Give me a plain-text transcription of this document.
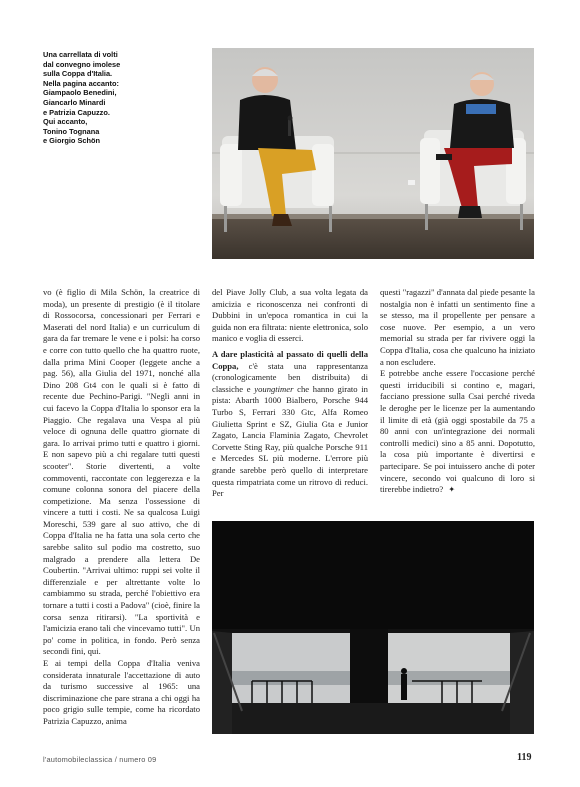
Una carrellata di volti
dal convegno imolese
sulla Coppa d'Italia.
Nella pagina accanto:
Giampaolo Benedini,
Giancarlo Minardi
e Patrizia Capuzzo.
Qui accanto,
Tonino Tognana
e Giorgio Schön

vo (è figlio di Mila Schön, la creatrice di moda), un presente di prestigio (è il titolare di Rossocorsa, concessionari per Ferrari e Maserati del nord Italia) e un curriculum di gara da far tremare le vene e i polsi: ha corso e corre con tutto quello che ha quattro ruote, dalla prima Mini Cooper (leggete anche a pag. 56), alla Giulia del 1971, nonché alla Dino 208 Gt4 con le quali si è fatto di recente due Pechino-Parigi. "Negli anni in cui facevo la Coppa d'Italia lo sponsor era la Piaggio. Che regalava una Vespa al più veloce di ognuna delle quattro giornate di gara. Io arrivai primo tutti e quattro i giorni. E non sapevo più a chi regalare tutti questi scooter". Storie divertenti, a volte commoventi, raccontate con leggerezza e la comune colonna sonora del piacere della competizione. Ma senza l'ossessione di vincere a tutti i costi. Ne sa qualcosa Luigi Moreschi, 539 gare al suo attivo, che di Coppa d'Italia ne ha fatta una sola certo che sarebbe salito sul podio ma costretto, suo malgrado a prendere alla lettera De Coubertin. "Arrivai ultimo: ruppi sei volte il differenziale e per altrettante volte lo cambiammo su strada, perché l'obiettivo era tornare a tutti i costi a Padova" (cioè, finire la corsa senza ritirarsi). "La sportività e l'amicizia erano tali che vincevamo tutti". Un po' come in politica, in fondo. Però senza secondi fini, qui.

E ai tempi della Coppa d'Italia veniva considerata innaturale l'accettazione di auto da turismo successive al 1965: una discriminazione che pare strana a chi oggi ha poco grigio sulle tempie, come ha ricordato Patrizia Capuzzo, anima

del Piave Jolly Club, a sua volta legata da amicizia e riconoscenza nei confronti di Dubbini in un'epoca romantica in cui la guida non era filtrata: niente elettronica, solo manico e voglia di esserci.

A dare plasticità al passato di quelli della Coppa, c'è stata una rappresentanza (cronologicamente ben distribuita) di classiche e youngtimer che hanno girato in pista: Abarth 1000 Bialbero, Porsche 944 Turbo S, Ferrari 330 Gtc, Alfa Romeo Giulietta Sprint e SZ, Giulia Gta e Junior Zagato, Lancia Flaminia Zagato, Chevrolet Corvette Sting Ray, più qualche Porsche 911 e Mercedes SL più moderne. L'errore più grande sarebbe però quello di interpretare questa rimpatriata come un ritrovo di reduci. Per

questi "ragazzi" d'annata dal piede pesante la nostalgia non è infatti un sentimento fine a se stesso, ma il propellente per pensare a cose nuove. Per esempio, a un vero memorial su strada per far rivivere oggi la Coppa d'Italia, cosa che qualcuno ha iniziato a non escludere.

E potrebbe anche essere l'occasione perché questi irriducibili si contino e, magari, facciano pressione sulla Csai perché riveda le deroghe per le licenze per la aumentando il limite di età (già oggi spostabile da 75 a 80 anni con un'integrazione dei normali controlli medici) sino a 85 anni. Dopotutto, la cosa più importante è divertirsi e partecipare. Se poi intuissero anche di poter vincere, secondo voi qualcuno di loro si tirerebbe indietro? ✦

l'automobileclassica / numero 09	119
